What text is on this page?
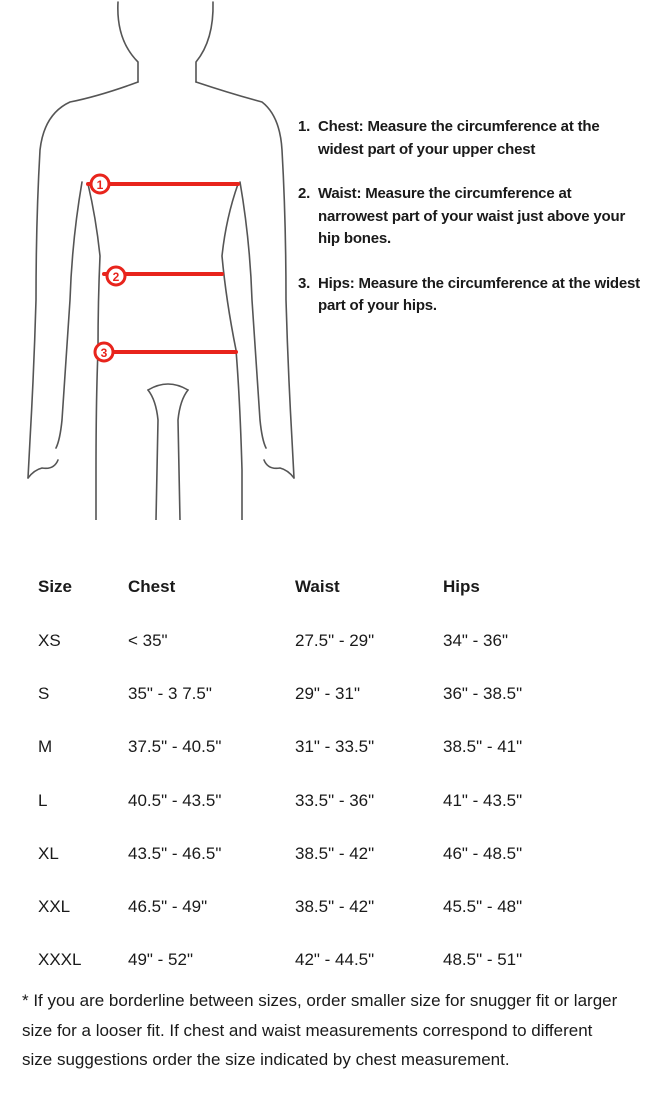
1
2
3
1. Chest: Measure the circumference at the widest part of your upper chest
2. Waist: Measure the circumference at narrowest part of your waist just above your hip bones.
3. Hips: Measure the circumference at the widest part of your hips.
Size	Chest	Waist	Hips
XS	< 35"	27.5" - 29"	34" - 36"
S	35" - 3 7.5"	29" - 31"	36" - 38.5"
M	37.5" - 40.5"	31" - 33.5"	38.5" - 41"
L	40.5" - 43.5"	33.5" - 36"	41" - 43.5"
XL	43.5" - 46.5"	38.5" - 42"	46" - 48.5"
XXL	46.5" - 49"	38.5" - 42"	45.5" - 48"
XXXL	49" - 52"	42" - 44.5"	48.5" - 51"

* If you are borderline between sizes, order smaller size for snugger fit or larger size for a looser fit. If chest and waist measurements correspond to different size suggestions order the size indicated by chest measurement.
